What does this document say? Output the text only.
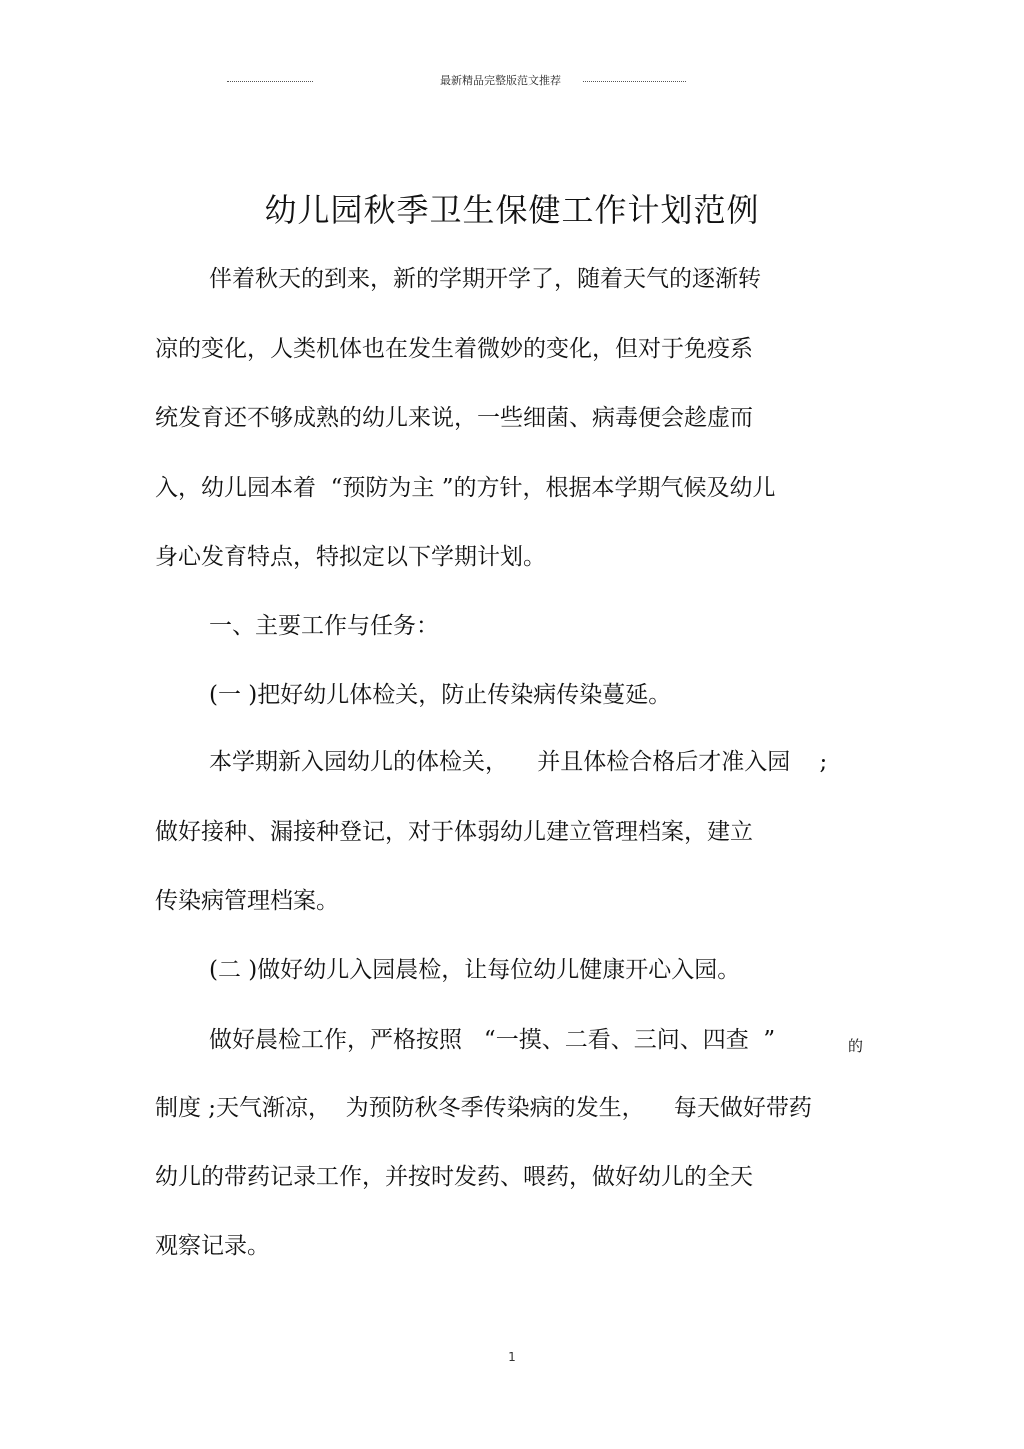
最新精品完整版范文推荐
幼儿园秋季卫生保健工作计划范例
伴着秋天的到来，新的学期开学了，随着天气的逐渐转
凉的变化，人类机体也在发生着微妙的变化，但对于免疫系
统发育还不够成熟的幼儿来说，一些细菌、病毒便会趁虚而
入，幼儿园本着  “预防为主 ”的方针，根据本学期气候及幼儿
身心发育特点，特拟定以下学期计划。
一、主要工作与任务：
(一 )把好幼儿体检关，防止传染病传染蔓延。
本学期新入园幼儿的体检关，    并且体检合格后才准入园    ;
做好接种、漏接种登记，对于体弱幼儿建立管理档案，建立
传染病管理档案。
(二 )做好幼儿入园晨检，让每位幼儿健康开心入园。
做好晨检工作，严格按照   “一摸、二看、三问、四查  ”	的
制度 ;天气渐凉，  为预防秋冬季传染病的发生，    每天做好带药
幼儿的带药记录工作，并按时发药、喂药，做好幼儿的全天
观察记录。
1
